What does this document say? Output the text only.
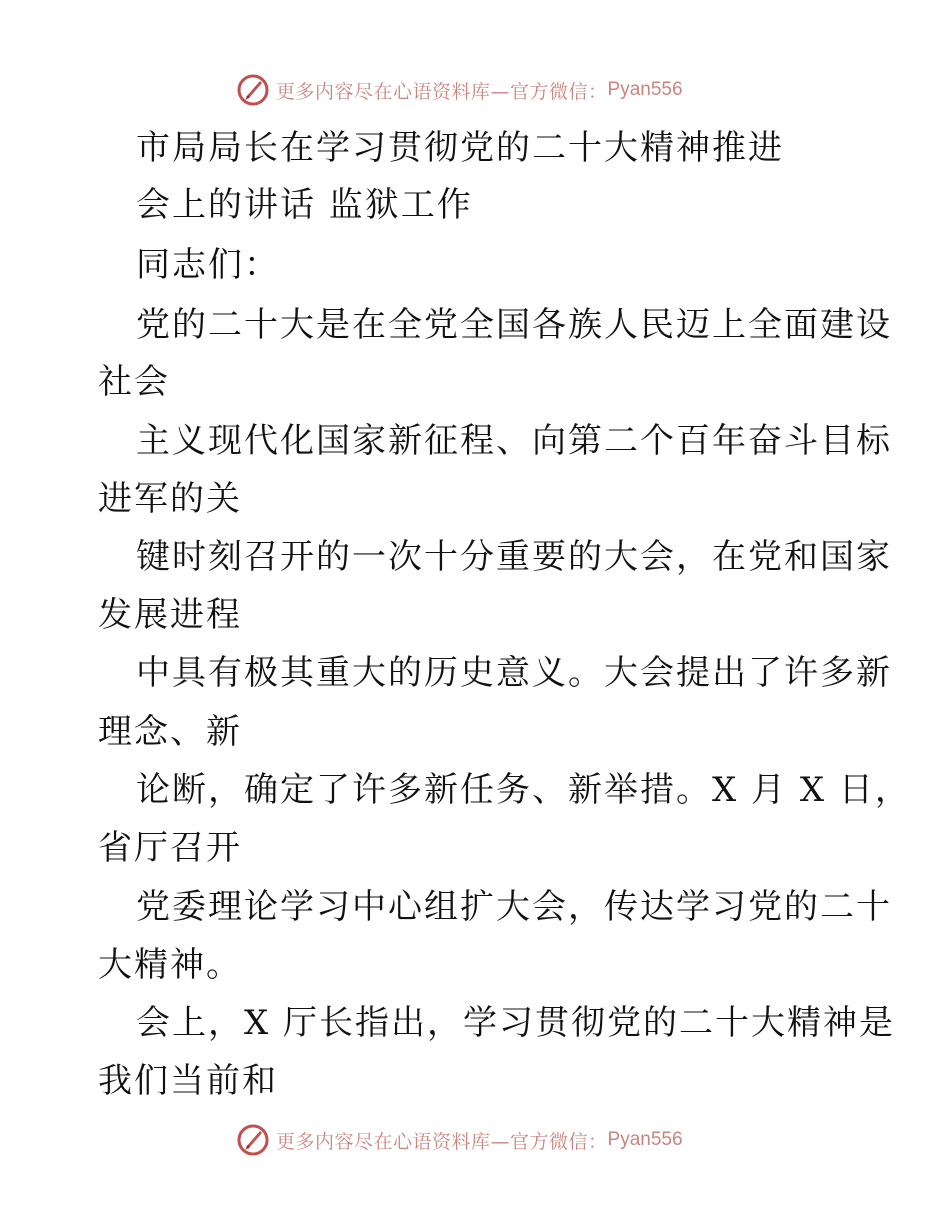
更多内容尽在心语资料库—官方微信： Pyan556
市局局长在学习贯彻党的二十大精神推进
会上的讲话 监狱工作
同志们：
党的二十大是在全党全国各族人民迈上全面建设
社会
主义现代化国家新征程、向第二个百年奋斗目标
进军的关
键时刻召开的一次十分重要的大会，在党和国家
发展进程
中具有极其重大的历史意义。大会提出了许多新
理念、新
论断，确定了许多新任务、新举措。X 月 X 日，
省厅召开
党委理论学习中心组扩大会，传达学习党的二十
大精神。
会上，X 厅长指出，学习贯彻党的二十大精神是
我们当前和
更多内容尽在心语资料库—官方微信： Pyan556
